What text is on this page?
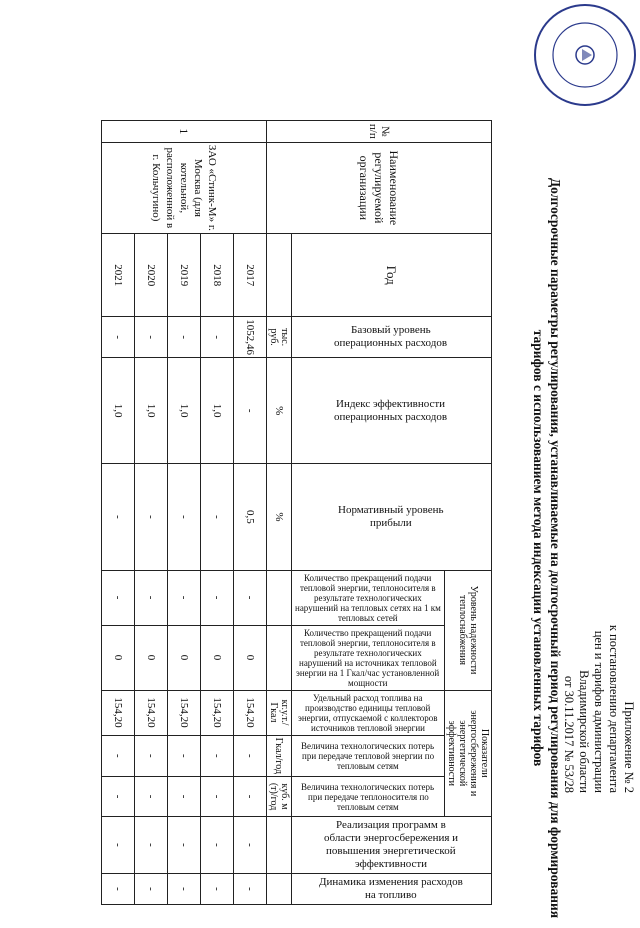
Приложение № 2
к постановлению департамента
цен и тарифов администрации
Владимирской области
от 30.11.2017 № 53/28
Долгосрочные параметры регулирования, устанавливаемые на долгосрочный период регулирования для формирования
тарифов с использованием метода индексации установленных тарифов
№ п/п	Наименование регулируемой организации	Год	Базовый уровень операционных расходов	Индекс эффективности операционных расходов	Нормативный уровень прибыли	Уровень надежности теплоснабжения		Показатели энергосбережения и энергетической эффективности			Реализация программ в области энергосбережения и повышения энергетической эффективности	Динамика изменения расходов на топливо

						Количество прекращений подачи тепловой энергии, теплоносителя в результате технологических нарушений на тепловых сетях на 1 км тепловых сетей	Количество прекращений подачи тепловой энергии, теплоносителя в результате технологических нарушений на источниках тепловой энергии на 1 Гкал/час установленной мощности	Удельный расход топлива на производство единицы тепловой энергии, отпускаемой с коллекторов источников тепловой энергии	Величина технологических потерь при передаче тепловой энергии по тепловым сетям	Величина технологических потерь при передаче теплоносителя по тепловым сетям		

			тыс. руб.	%	%			кг.у.т./Гкал	Гкал/год	куб. м (т)/год		
1	ЗАО «Стинк-М» г. Москва (для котельной, расположенной в г. Кольчугино)	2017	1052,46	-	0,5	-	0	154,20	-	-	-	-
		2018	-	1,0	-	-	0	154,20	-	-	-	-
		2019	-	1,0	-	-	0	154,20	-	-	-	-
		2020	-	1,0	-	-	0	154,20	-	-	-	-
		2021	-	1,0	-	-	0	154,20	-	-	-	-
